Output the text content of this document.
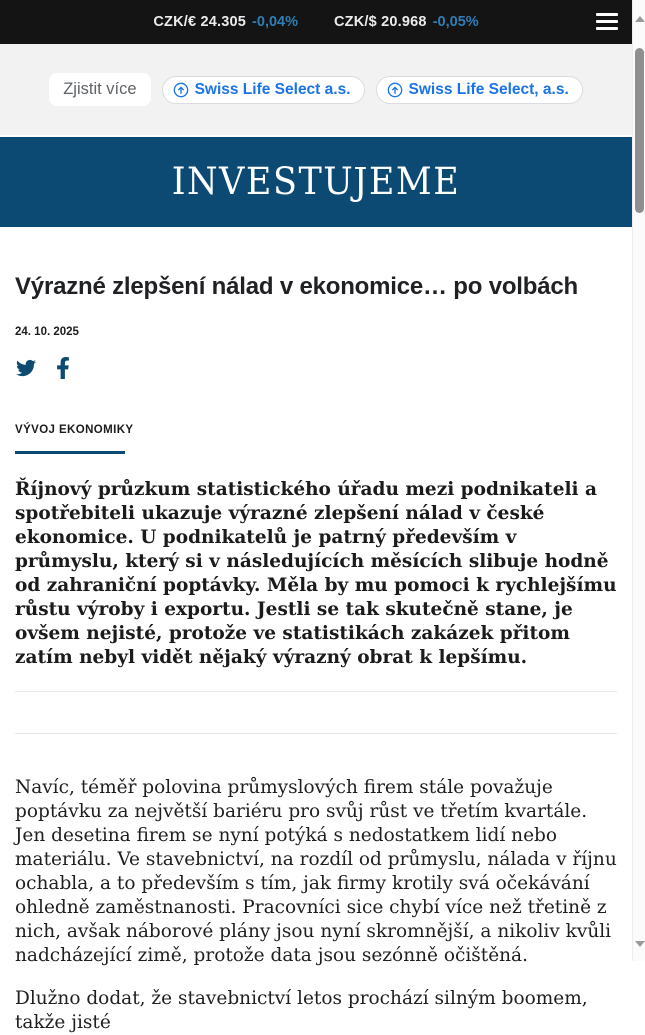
CZK/€ 24.305 -0,04% CZK/$ 20.968 -0,05%
Zjistit více	Swiss Life Select a.s.	Swiss Life Select, a.s.
INVESTUJEME
Výrazné zlepšení nálad v ekonomice… po volbách
24. 10. 2025
VÝVOJ EKONOMIKY

Říjnový průzkum statistického úřadu mezi podnikateli a spotřebiteli ukazuje výrazné zlepšení nálad v české ekonomice. U podnikatelů je patrný především v průmyslu, který si v následujících měsících slibuje hodně od zahraniční poptávky. Měla by mu pomoci k rychlejšímu růstu výroby i exportu. Jestli se tak skutečně stane, je ovšem nejisté, protože ve statistikách zakázek přitom zatím nebyl vidět nějaký výrazný obrat k lepšímu.

Navíc, téměř polovina průmyslových firem stále považuje poptávku za největší bariéru pro svůj růst ve třetím kvartále. Jen desetina firem se nyní potýká s nedostatkem lidí nebo materiálu. Ve stavebnictví, na rozdíl od průmyslu, nálada v říjnu ochabla, a to především s tím, jak firmy krotily svá očekávání ohledně zaměstnanosti. Pracovníci sice chybí více než třetině z nich, avšak náborové plány jsou nyní skromnější, a nikoliv kvůli nadcházející zimě, protože data jsou sezónně očištěná.

Dlužno dodat, že stavebnictví letos prochází silným boomem, takže jisté
